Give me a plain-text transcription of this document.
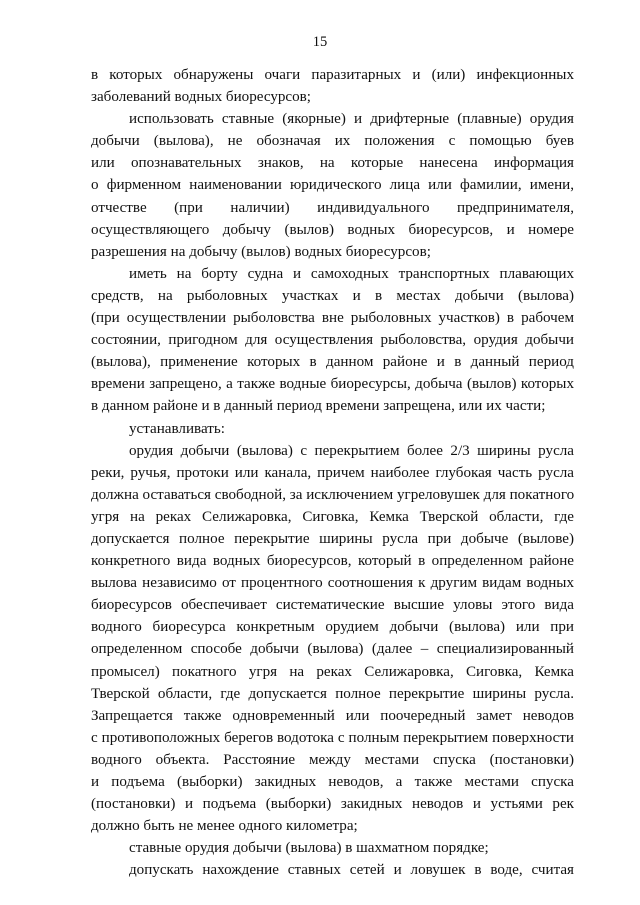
15
в которых обнаружены очаги паразитарных и (или) инфекционных
заболеваний водных биоресурсов;
использовать ставные (якорные) и дрифтерные (плавные) орудия
добычи (вылова), не обозначая их положения с помощью буев
или опознавательных знаков, на которые нанесена информация
о фирменном наименовании юридического лица или фамилии, имени,
отчестве (при наличии) индивидуального предпринимателя,
осуществляющего добычу (вылов) водных биоресурсов, и номере
разрешения на добычу (вылов) водных биоресурсов;
иметь на борту судна и самоходных транспортных плавающих
средств, на рыболовных участках и в местах добычи (вылова)
(при осуществлении рыболовства вне рыболовных участков) в рабочем
состоянии, пригодном для осуществления рыболовства, орудия добычи
(вылова), применение которых в данном районе и в данный период
времени запрещено, а также водные биоресурсы, добыча (вылов) которых
в данном районе и в данный период времени запрещена, или их части;
устанавливать:
орудия добычи (вылова) с перекрытием более 2/3 ширины русла
реки, ручья, протоки или канала, причем наиболее глубокая часть русла
должна оставаться свободной, за исключением угреловушек для покатного
угря на реках Селижаровка, Сиговка, Кемка Тверской области, где
допускается полное перекрытие ширины русла при добыче (вылове)
конкретного вида водных биоресурсов, который в определенном районе
вылова независимо от процентного соотношения к другим видам водных
биоресурсов обеспечивает систематические высшие уловы этого вида
водного биоресурса конкретным орудием добычи (вылова) или при
определенном способе добычи (вылова) (далее – специализированный
промысел) покатного угря на реках Селижаровка, Сиговка, Кемка
Тверской области, где допускается полное перекрытие ширины русла.
Запрещается также одновременный или поочередный замет неводов
с противоположных берегов водотока с полным перекрытием поверхности
водного объекта. Расстояние между местами спуска (постановки)
и подъема (выборки) закидных неводов, а также местами спуска
(постановки) и подъема (выборки) закидных неводов и устьями рек
должно быть не менее одного километра;
ставные орудия добычи (вылова) в шахматном порядке;
допускать нахождение ставных сетей и ловушек в воде, считая
